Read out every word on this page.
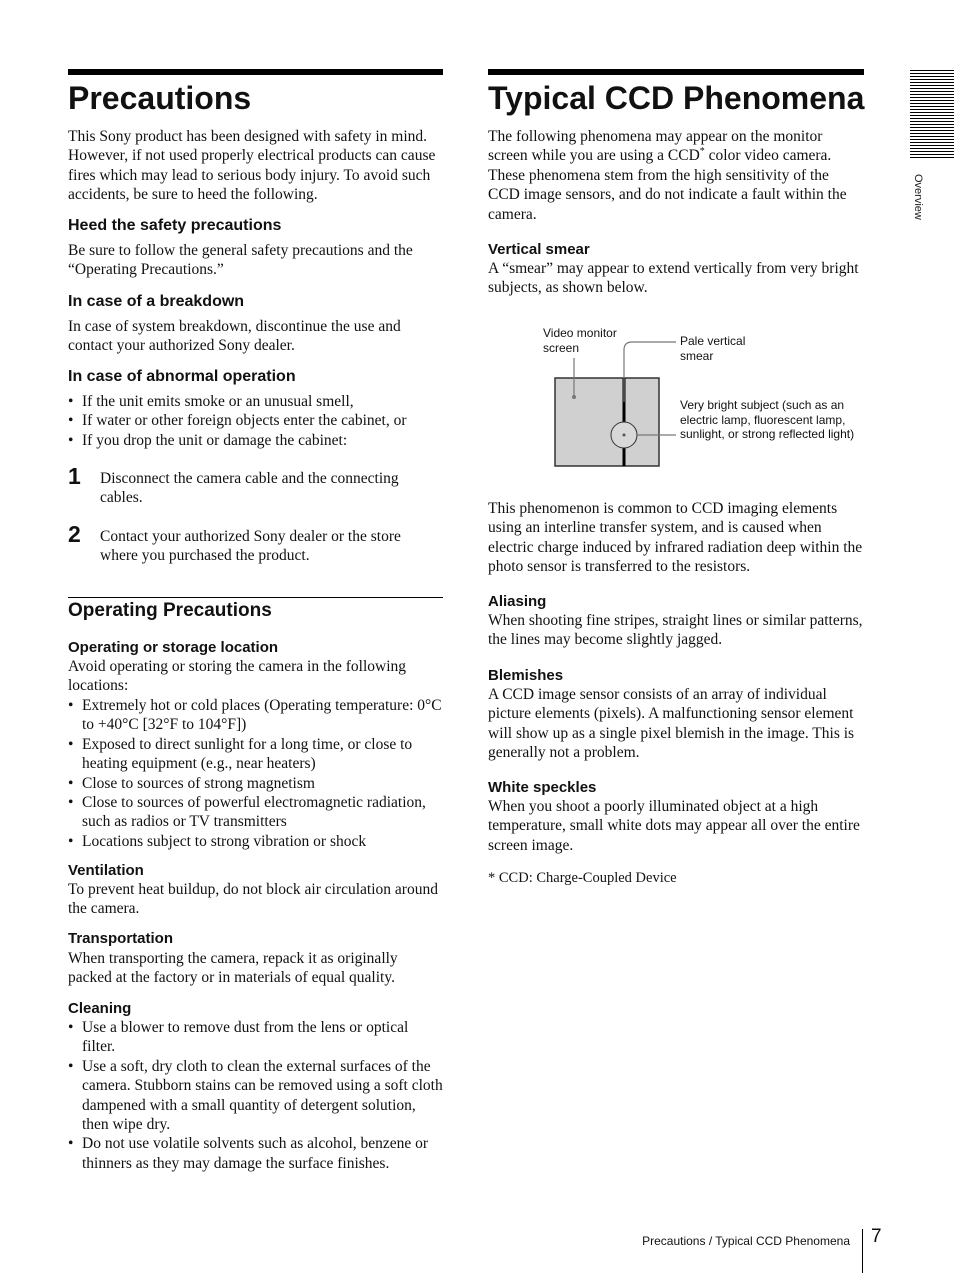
Overview
Precautions

This Sony product has been designed with safety in mind. However, if not used properly electrical products can cause fires which may lead to serious body injury. To avoid such accidents, be sure to heed the following.

Heed the safety precautions

Be sure to follow the general safety precautions and the “Operating Precautions.”

In case of a breakdown

In case of system breakdown, discontinue the use and contact your authorized Sony dealer.

In case of abnormal operation
• If the unit emits smoke or an unusual smell,
• If water or other foreign objects enter the cabinet, or
• If you drop the unit or damage the cabinet:
1 Disconnect the camera cable and the connecting cables.

2 Contact your authorized Sony dealer or the store where you purchased the product.

Operating Precautions
Operating or storage location

Avoid operating or storing the camera in the following locations:

• Extremely hot or cold places (Operating temperature: 0°C to +40°C [32°F to 104°F])
• Exposed to direct sunlight for a long time, or close to heating equipment (e.g., near heaters)
• Close to sources of strong magnetism
• Close to sources of powerful electromagnetic radiation, such as radios or TV transmitters
• Locations subject to strong vibration or shock
Ventilation

To prevent heat buildup, do not block air circulation around the camera.

Transportation

When transporting the camera, repack it as originally packed at the factory or in materials of equal quality.

Cleaning
• Use a blower to remove dust from the lens or optical filter.
• Use a soft, dry cloth to clean the external surfaces of the camera. Stubborn stains can be removed using a soft cloth dampened with a small quantity of detergent solution, then wipe dry.
• Do not use volatile solvents such as alcohol, benzene or thinners as they may damage the surface finishes.
Typical CCD Phenomena
The following phenomena may appear on the monitor screen while you are using a CCD* color video camera. These phenomena stem from the high sensitivity of the CCD image sensors, and do not indicate a fault within the camera.
Vertical smear

A “smear” may appear to extend vertically from very bright subjects, as shown below.

Video monitor screen	Pale vertical smear
Very bright subject (such as an electric lamp, fluorescent lamp, sunlight, or strong reflected light)

This phenomenon is common to CCD imaging elements using an interline transfer system, and is caused when electric charge induced by infrared radiation deep within the photo sensor is transferred to the resistors.

Aliasing

When shooting fine stripes, straight lines or similar patterns, the lines may become slightly jagged.

Blemishes

A CCD image sensor consists of an array of individual picture elements (pixels). A malfunctioning sensor element will show up as a single pixel blemish in the image. This is generally not a problem.

White speckles

When you shoot a poorly illuminated object at a high temperature, small white dots may appear all over the entire screen image.

* CCD: Charge-Coupled Device
Precautions / Typical CCD Phenomena 7
